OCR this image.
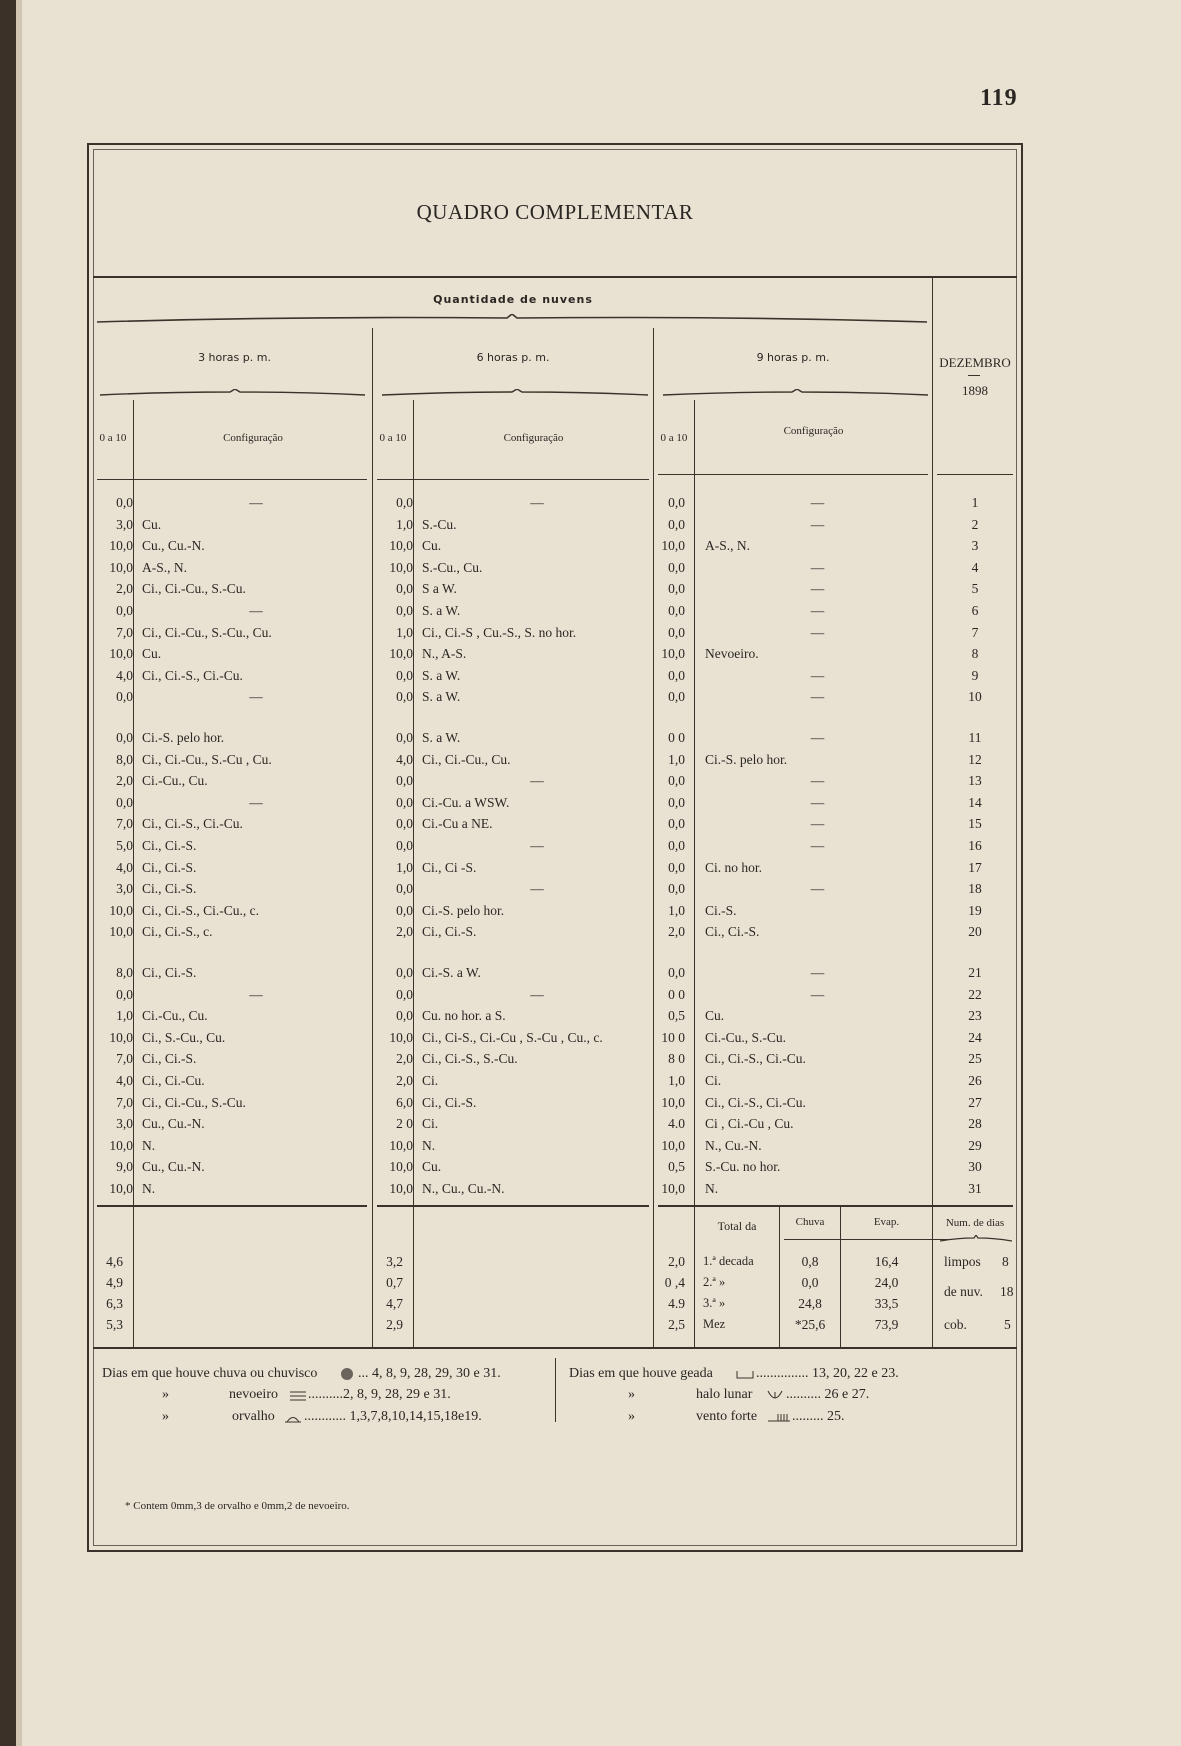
119
QUADRO COMPLEMENTAR
Quantidade de nuvens
DEZEMBRO
1898
3 horas p. m.	6 horas p. m.	9 horas p. m.
0 a 10	Configuração	0 a 10	Configuração	0 a 10
Configuração
0,0	—	0,0	—	0,0	—	1
3,0 Cu.	1,0 S.-Cu.	0,0	—	2
10,0 Cu., Cu.-N.	10,0 Cu.	10,0 A-S., N.	3
10,0 A-S., N.	10,0 S.-Cu., Cu.	0,0	—	4
2,0 Ci., Ci.-Cu., S.-Cu.	0,0 S a W.	0,0	—	5
0,0	—	0,0 S. a W.	0,0	—	6
7,0 Ci., Ci.-Cu., S.-Cu., Cu.	1,0 Ci., Ci.-S , Cu.-S., S. no hor.	0,0	—	7
10,0 Cu.	10,0 N., A-S.	10,0 Nevoeiro.	8
4,0 Ci., Ci.-S., Ci.-Cu.	0,0 S. a W.	0,0	—	9
0,0	—	0,0 S. a W.	0,0	—	10
0,0 Ci.-S. pelo hor.	0,0 S. a W.	0 0	—	11
8,0 Ci., Ci.-Cu., S.-Cu , Cu.	4,0 Ci., Ci.-Cu., Cu.	1,0 Ci.-S. pelo hor.	12
2,0 Ci.-Cu., Cu.	0,0	—	0,0	—	13
0,0	—	0,0 Ci.-Cu. a WSW.	0,0	—	14
7,0 Ci., Ci.-S., Ci.-Cu.	0,0 Ci.-Cu a NE.	0,0	—	15
5,0 Ci., Ci.-S.	0,0	—	0,0	—	16
4,0 Ci., Ci.-S.	1,0 Ci., Ci -S.	0,0 Ci. no hor.	17
3,0 Ci., Ci.-S.	0,0	—	0,0	—	18
10,0 Ci., Ci.-S., Ci.-Cu., c.	0,0 Ci.-S. pelo hor.	1,0 Ci.-S.	19
10,0 Ci., Ci.-S., c.	2,0 Ci., Ci.-S.	2,0 Ci., Ci.-S.	20
8,0 Ci., Ci.-S.	0,0 Ci.-S. a W.	0,0	—	21
0,0	—	0,0	—	0 0	—	22
1,0 Ci.-Cu., Cu.	0,0 Cu. no hor. a S.	0,5 Cu.	23
10,0 Ci., S.-Cu., Cu.	10,0 Ci., Ci-S., Ci.-Cu , S.-Cu , Cu., c.	10 0 Ci.-Cu., S.-Cu.	24
7,0 Ci., Ci.-S.	2,0 Ci., Ci.-S., S.-Cu.	8 0 Ci., Ci.-S., Ci.-Cu.	25
4,0 Ci., Ci.-Cu.	2,0 Ci.	1,0 Ci.	26
7,0 Ci., Ci.-Cu., S.-Cu.	6,0 Ci., Ci.-S.	10,0 Ci., Ci.-S., Ci.-Cu.	27
3,0 Cu., Cu.-N.	2 0 Ci.	4.0 Ci , Ci.-Cu , Cu.	28
10,0 N.	10,0 N.	10,0 N., Cu.-N.	29
9,0 Cu., Cu.-N.	10,0 Cu.	0,5 S.-Cu. no hor.	30
10,0 N.	10,0 N., Cu., Cu.-N.	10,0 N.	31
Total da	Chuva	Evap.	Num. de dias
4,6	3,2	2,0 1.ª decada	0,8	16,4
4,9	0,7	0 ,4 2.ª »	0,0	24,0
6,3	4,7	4.9 3.ª »	24,8	33,5
5,3	2,9	2,5 Mez	*25,6	73,9
limpos 8
de nuv. 18
cob.	5
Dias em que houve chuva ou chuvisco	... 4, 8, 9, 28, 29, 30 e 31.
»	nevoeiro ..........2, 8, 9, 28, 29 e 31.
»	orvalho ............ 1,3,7,8,10,14,15,18e19.
Dias em que houve geada	............... 13, 20, 22 e 23.
»	halo lunar .......... 26 e 27.
»	vento forte ......... 25.
* Contem 0mm,3 de orvalho e 0mm,2 de nevoeiro.
